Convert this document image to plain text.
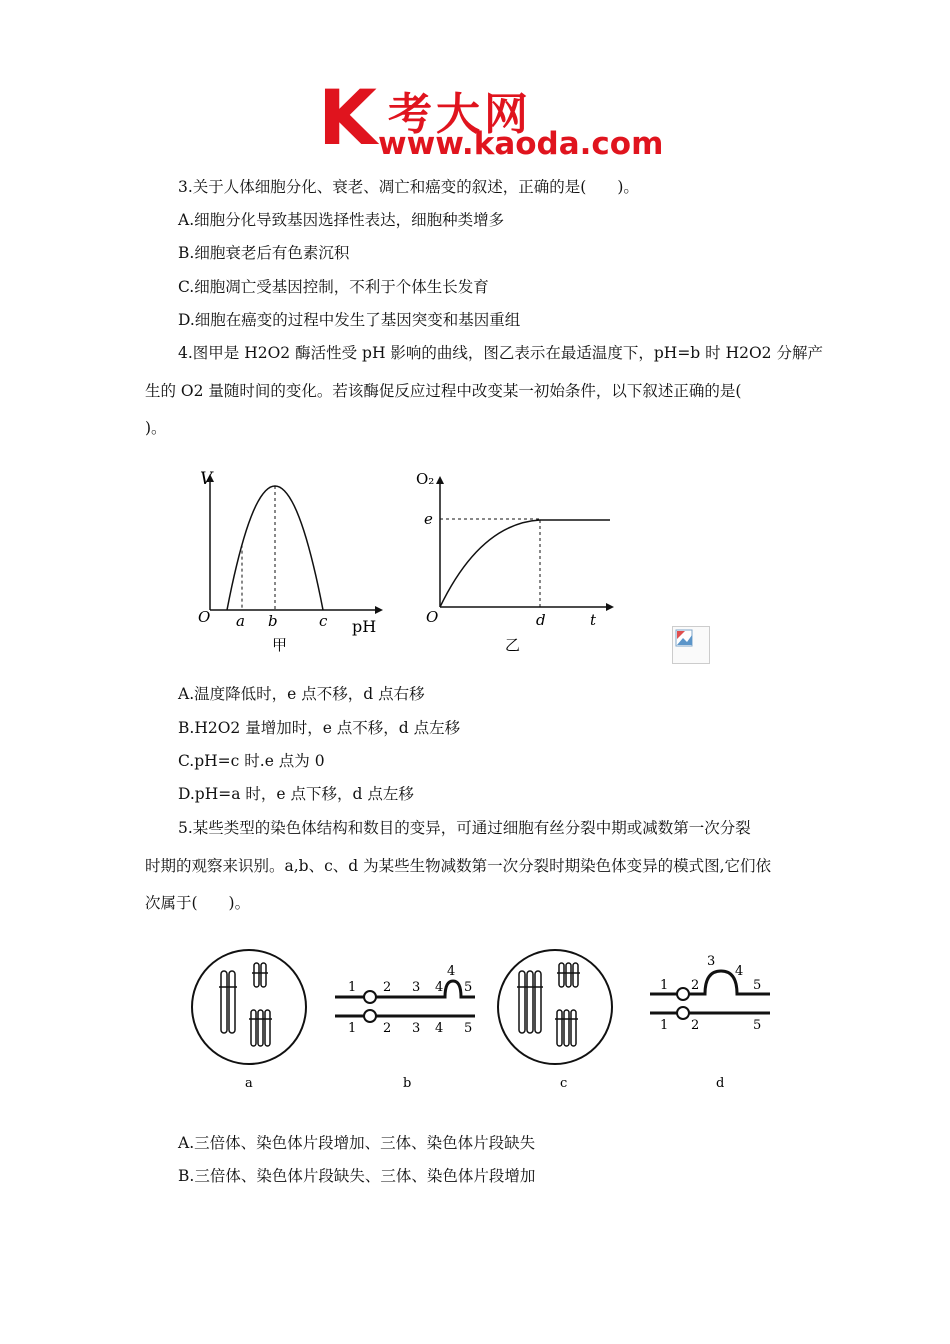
K 考大网
www.kaoda.com
3.关于人体细胞分化、衰老、凋亡和癌变的叙述，正确的是(　　)。
A.细胞分化导致基因选择性表达，细胞种类增多
B.细胞衰老后有色素沉积
C.细胞凋亡受基因控制，不利于个体生长发育
D.细胞在癌变的过程中发生了基因突变和基因重组
4.图甲是 H2O2 酶活性受 pH 影响的曲线，图乙表示在最适温度下，pH=b 时 H2O2 分解产
生的 O2 量随时间的变化。若该酶促反应过程中改变某一初始条件，以下叙述正确的是(
)。
V
O a b	c pH
甲
O₂
e
O	d	t
乙
A.温度降低时，e 点不移，d 点右移
B.H2O2 量增加时，e 点不移，d 点左移
C.pH=c 时.e 点为 0
D.pH=a 时，e 点下移，d 点左移
5.某些类型的染色体结构和数目的变异，可通过细胞有丝分裂中期或减数第一次分裂
时期的观察来识别。a,b、c、d 为某些生物减数第一次分裂时期染色体变异的模式图,它们依
次属于(　　)。
a
1 2 3 4
4
5
1 2 3 4 5
b	c
1 2
3
4
5
1 2	5
d
A.三倍体、染色体片段增加、三体、染色体片段缺失
B.三倍体、染色体片段缺失、三体、染色体片段增加
